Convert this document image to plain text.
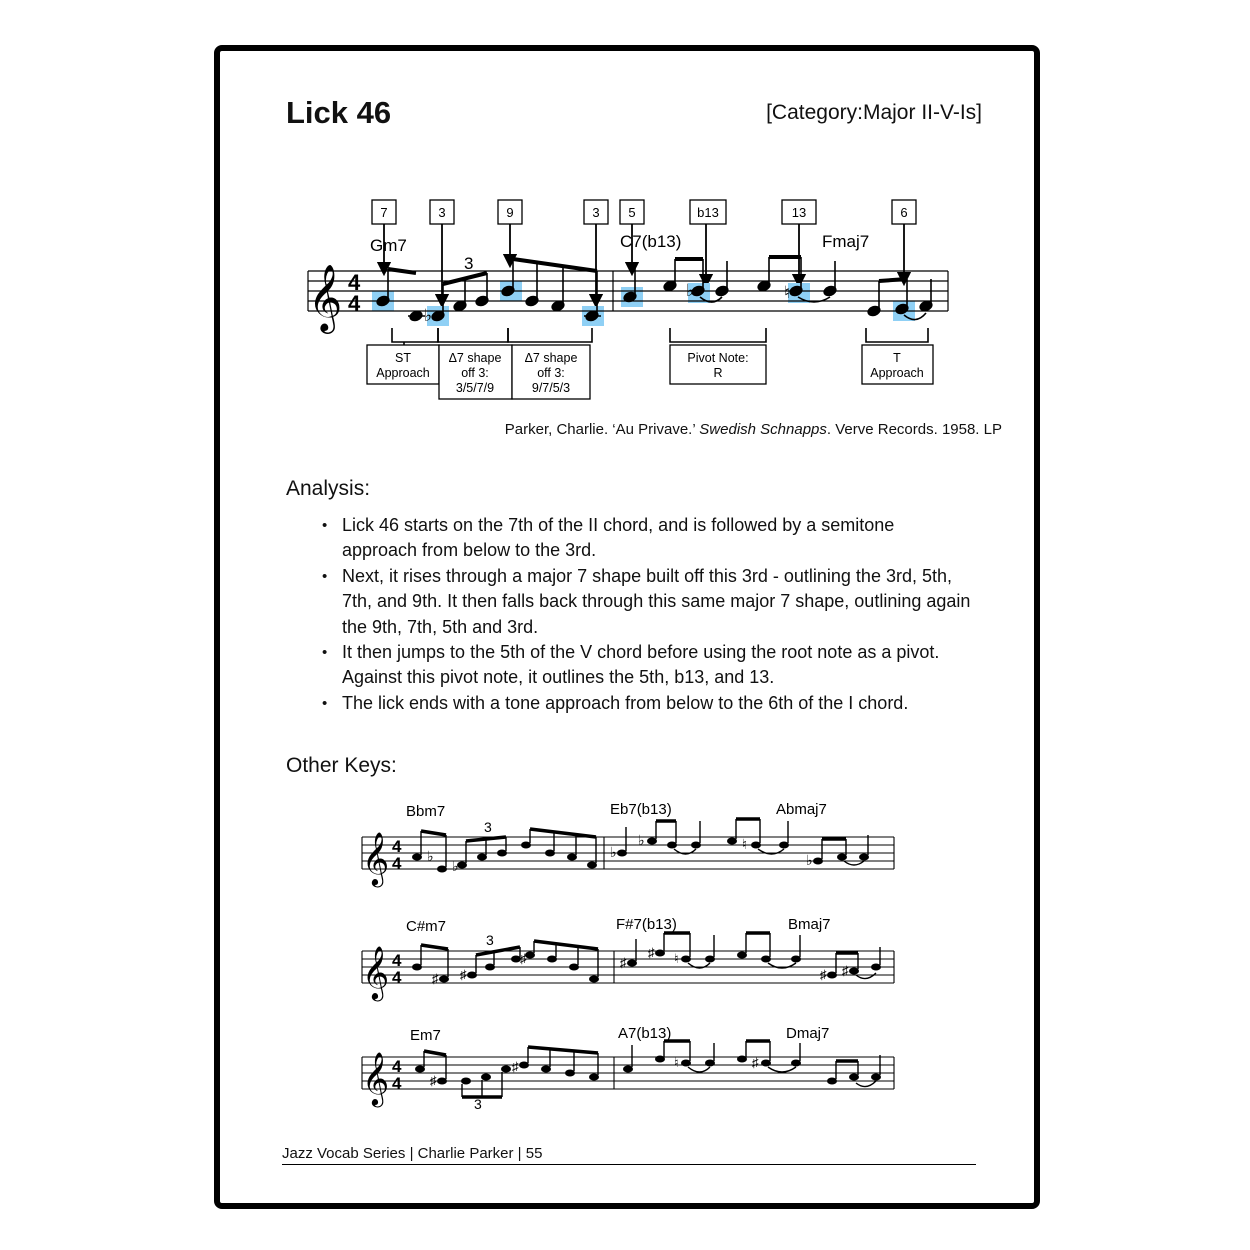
Lick 46	[Category:Major II-V-Is]
7	3	9	3 5	b13	13	6
Gm7	C7(b13)	Fmaj7
3
𝄞 4
4	♭
♭	♮
ST
Approach
Δ7 shape
off 3:
3/5/7/9
Δ7 shape
off 3:
9/7/5/3
Pivot Note:
R
T
Approach
Parker, Charlie. ‘Au Privave.’ Swedish Schnapps. Verve Records. 1958. LP
Analysis:
• Lick 46 starts on the 7th of the II chord, and is followed by a semitone approach from below to the 3rd.
• Next, it rises through a major 7 shape built off this 3rd - outlining the 3rd, 5th, 7th, and 9th. It then falls back through this same major 7 shape, outlining again the 9th, 7th, 5th and 3rd.
• It then jumps to the 5th of the V chord before using the root note as a pivot. Against this pivot note, it outlines the 5th, b13, and 13.
• The lick ends with a tone approach from below to the 6th of the I chord.
Other Keys:
Bbm7	Eb7(b13)	Abmaj7
3
𝄞 4
4 ♭
♭
♭
♭	♮
♭
C#m7	F#7(b13)	Bmaj7
3
𝄞 4
4 ♯ ♯
♯	♯
♯ ♮
♯ ♯
Em7	A7(b13)	Dmaj7
3
𝄞 4
4 ♯
♯	♮	♯
Jazz Vocab Series | Charlie Parker | 55
